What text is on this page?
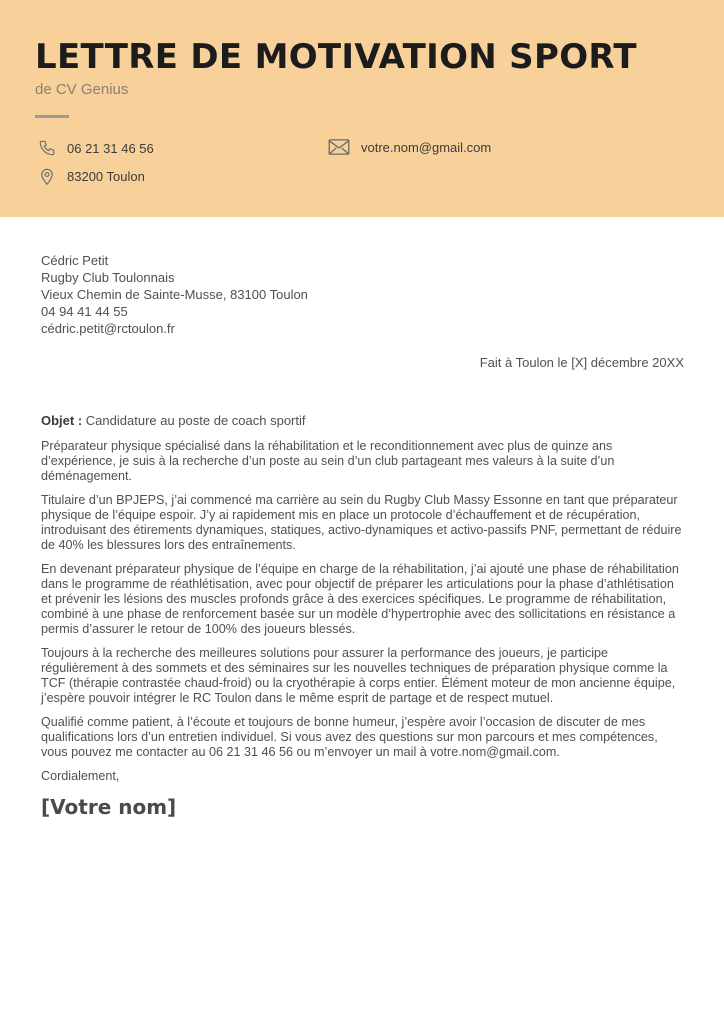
LETTRE DE MOTIVATION SPORT
de CV Genius
06 21 31 46 56
83200 Toulon
votre.nom@gmail.com
Cédric Petit
Rugby Club Toulonnais
Vieux Chemin de Sainte-Musse, 83100 Toulon
04 94 41 44 55
cédric.petit@rctoulon.fr
Fait à Toulon le [X] décembre 20XX
Objet : Candidature au poste de coach sportif

Préparateur physique spécialisé dans la réhabilitation et le reconditionnement avec plus de quinze ans d’expérience, je suis à la recherche d’un poste au sein d’un club partageant mes valeurs à la suite d’un déménagement.

Titulaire d’un BPJEPS, j’ai commencé ma carrière au sein du Rugby Club Massy Essonne en tant que préparateur physique de l’équipe espoir. J’y ai rapidement mis en place un protocole d’échauffement et de récupération, introduisant des étirements dynamiques, statiques, activo-dynamiques et activo-passifs PNF, permettant de réduire de 40% les blessures lors des entraînements.

En devenant préparateur physique de l’équipe en charge de la réhabilitation, j’ai ajouté une phase de réhabilitation dans le programme de réathlétisation, avec pour objectif de préparer les articulations pour la phase d’athlétisation et prévenir les lésions des muscles profonds grâce à des exercices spécifiques. Le programme de réhabilitation, combiné à une phase de renforcement basée sur un modèle d’hypertrophie avec des sollicitations en résistance a permis d’assurer le retour de 100% des joueurs blessés.

Toujours à la recherche des meilleures solutions pour assurer la performance des joueurs, je participe régulièrement à des sommets et des séminaires sur les nouvelles techniques de préparation physique comme la TCF (thérapie contrastée chaud-froid) ou la cryothérapie à corps entier. Élément moteur de mon ancienne équipe, j’espère pouvoir intégrer le RC Toulon dans le même esprit de partage et de respect mutuel.

Qualifié comme patient, à l’écoute et toujours de bonne humeur, j’espère avoir l’occasion de discuter de mes qualifications lors d’un entretien individuel. Si vous avez des questions sur mon parcours et mes compétences, vous pouvez me contacter au 06 21 31 46 56 ou m’envoyer un mail à votre.nom@gmail.com.

Cordialement,
[Votre nom]
